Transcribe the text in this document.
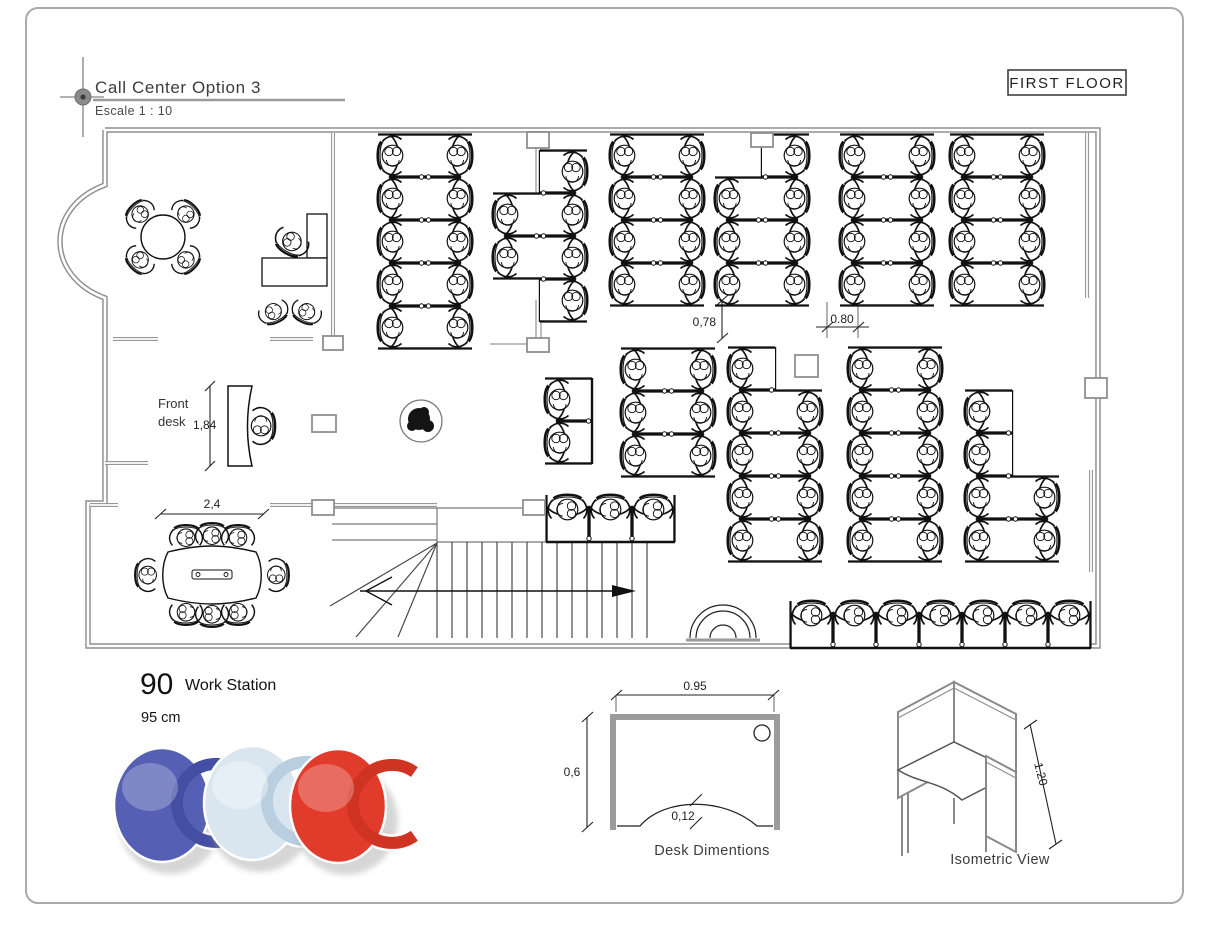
Call Center Option 3
Escale 1 : 10
FIRST FLOOR
Front
desk 1,84
2,4
0,78	0.80
90 Work Station
95 cm
0,12
0.95
0,6
Desk Dimentions
1.20
Isometric View
